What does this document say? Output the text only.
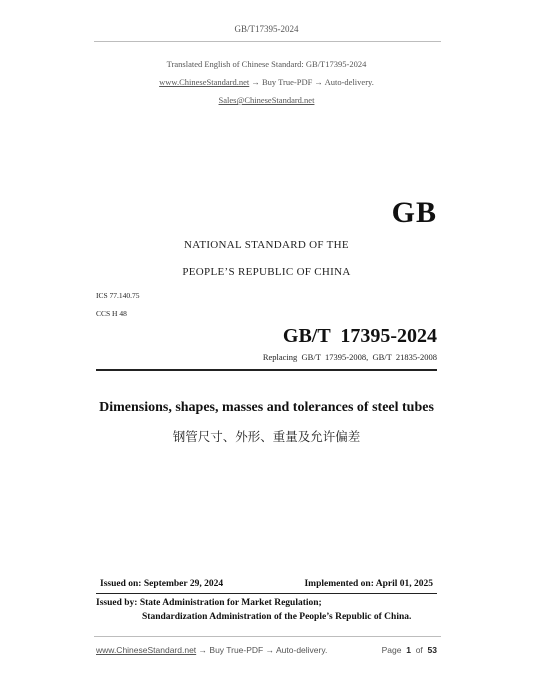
GB/T17395-2024
Translated English of Chinese Standard: GB/T17395-2024
www.ChineseStandard.net → Buy True-PDF → Auto-delivery.
Sales@ChineseStandard.net
GB
NATIONAL STANDARD OF THE
PEOPLE’S REPUBLIC OF CHINA
ICS 77.140.75
CCS H 48
GB/T  17395-2024
Replacing  GB/T  17395-2008,  GB/T  21835-2008
Dimensions, shapes, masses and tolerances of steel tubes
钢管尺寸、外形、重量及允许偏差
Issued on: September 29, 2024	Implemented on: April 01, 2025
Issued by: State Administration for Market Regulation;
Standardization Administration of the People’s Republic of China.
www.ChineseStandard.net → Buy True-PDF → Auto-delivery.	Page 1 of 53
